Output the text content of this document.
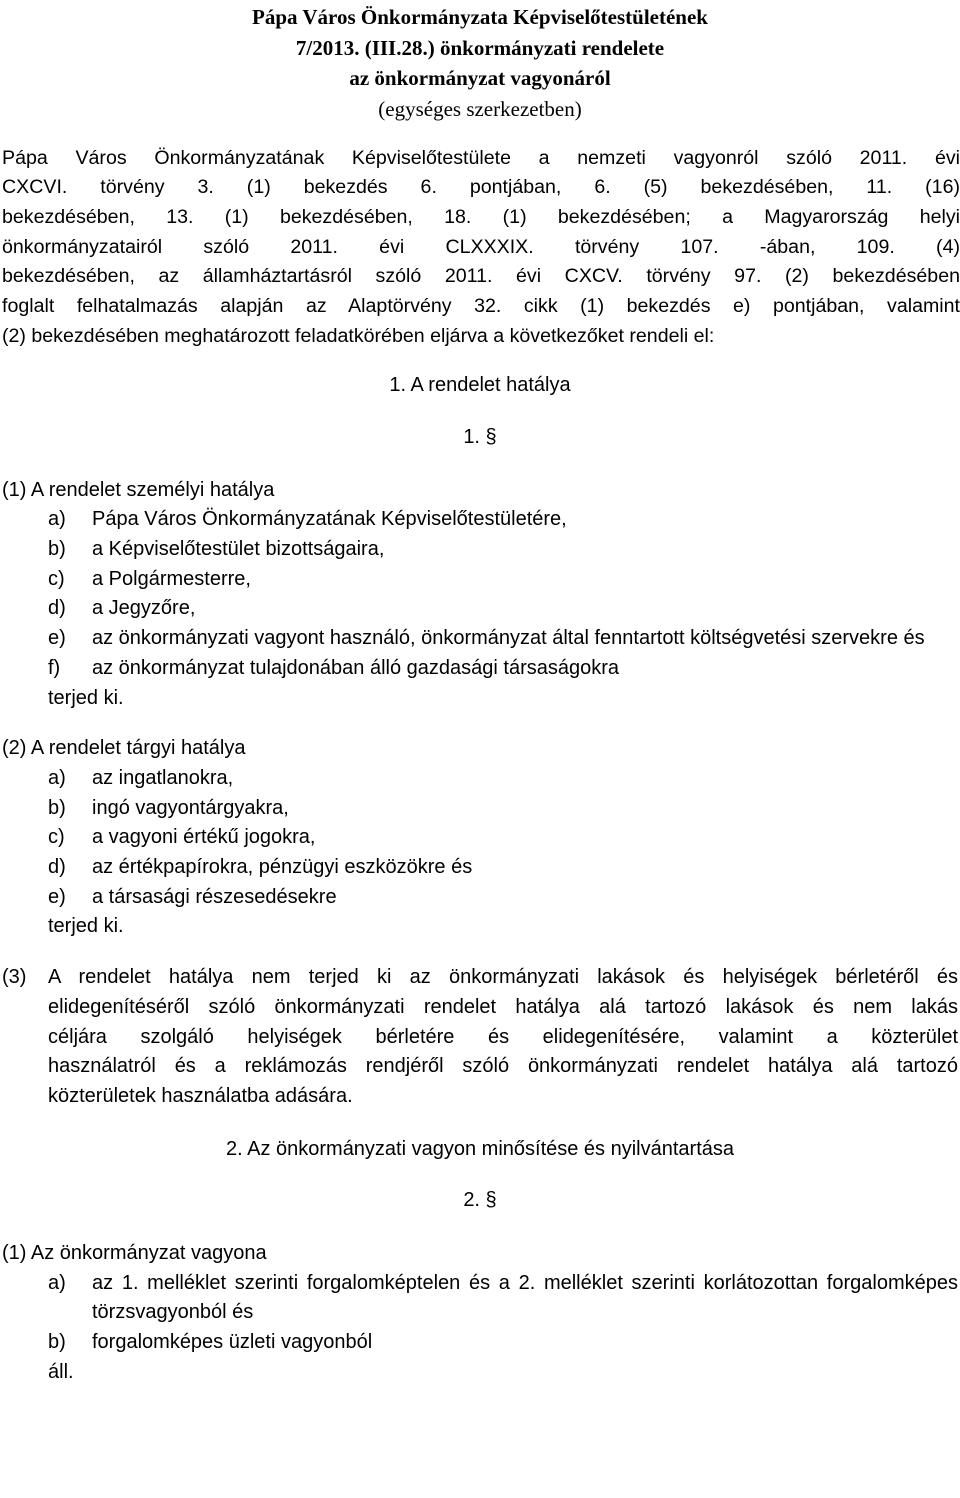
Pápa Város Önkormányzata Képviselőtestületének
7/2013. (III.28.) önkormányzati rendelete
az önkormányzat vagyonáról
(egységes szerkezetben)
Pápa Város Önkormányzatának Képviselőtestülete a nemzeti vagyonról szóló 2011. évi
CXCVI. törvény 3. (1) bekezdés 6. pontjában, 6. (5) bekezdésében, 11. (16)
bekezdésében, 13. (1) bekezdésében, 18. (1) bekezdésében; a Magyarország helyi
önkormányzatairól szóló 2011. évi CLXXXIX. törvény 107. -ában, 109. (4)
bekezdésében, az államháztartásról szóló 2011. évi CXCV. törvény 97. (2) bekezdésében
foglalt felhatalmazás alapján az Alaptörvény 32. cikk (1) bekezdés e) pontjában, valamint
(2) bekezdésében meghatározott feladatkörében eljárva a következőket rendeli el:
1. A rendelet hatálya
1. §
(1) A rendelet személyi hatálya
a)	Pápa Város Önkormányzatának Képviselőtestületére,
b)	a Képviselőtestület bizottságaira,
c)	a Polgármesterre,
d)	a Jegyzőre,
e)	az önkormányzati vagyont használó, önkormányzat által fenntartott költségvetési szervekre és
f)	az önkormányzat tulajdonában álló gazdasági társaságokra
terjed ki.
(2) A rendelet tárgyi hatálya
a)	az ingatlanokra,
b)	ingó vagyontárgyakra,
c)	a vagyoni értékű jogokra,
d)	az értékpapírokra, pénzügyi eszközökre és
e)	a társasági részesedésekre
terjed ki.
(3)	A rendelet hatálya nem terjed ki az önkormányzati lakások és helyiségek bérletéről és
elidegenítéséről szóló önkormányzati rendelet hatálya alá tartozó lakások és nem lakás
céljára szolgáló helyiségek bérletére és elidegenítésére, valamint a közterület
használatról és a reklámozás rendjéről szóló önkormányzati rendelet hatálya alá tartozó
közterületek használatba adására.
2. Az önkormányzati vagyon minősítése és nyilvántartása
2. §
(1) Az önkormányzat vagyona
a)	az 1. melléklet szerinti forgalomképtelen és a 2. melléklet szerinti korlátozottan forgalomképes törzsvagyonból és
b)	forgalomképes üzleti vagyonból
áll.
